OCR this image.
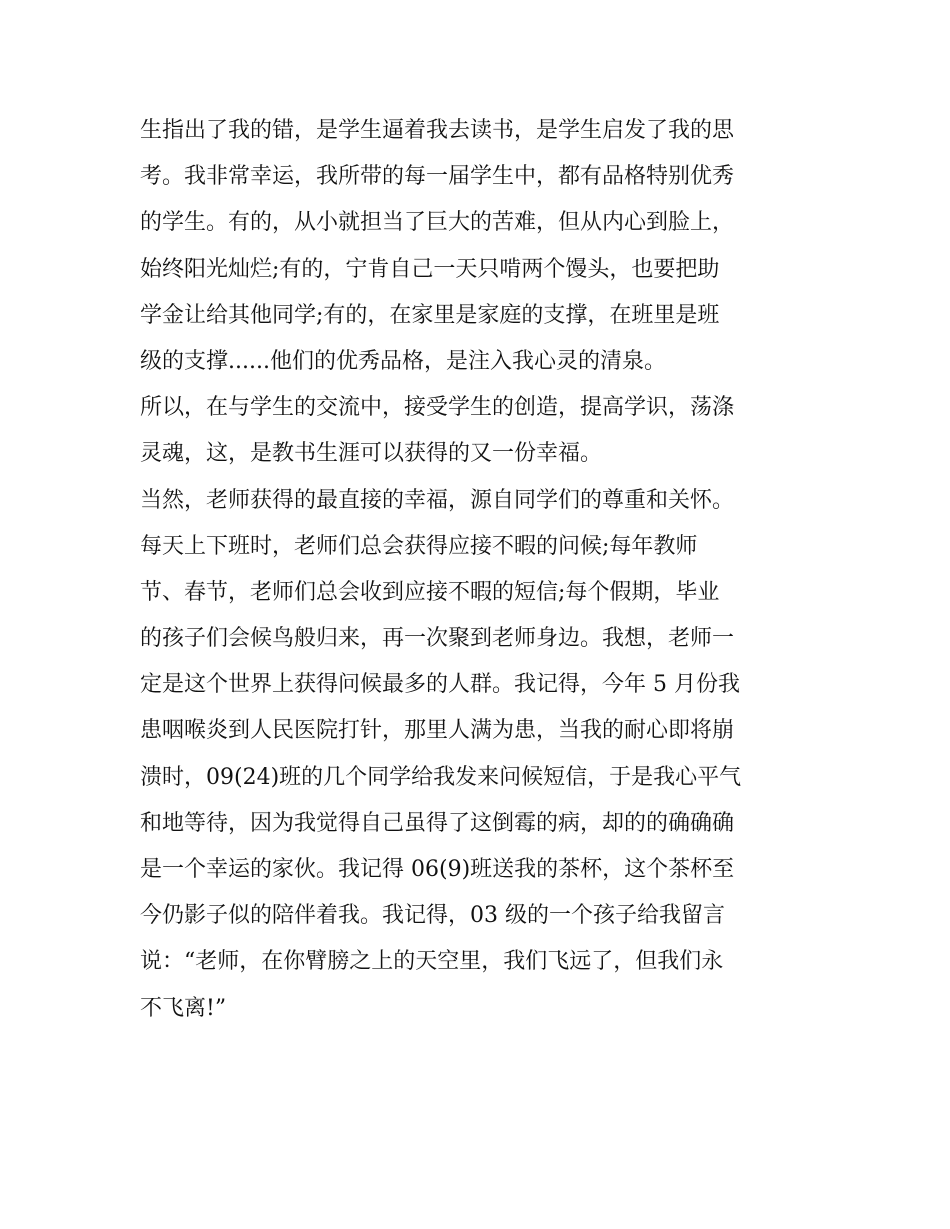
生指出了我的错，是学生逼着我去读书，是学生启发了我的思
考。我非常幸运，我所带的每一届学生中，都有品格特别优秀
的学生。有的，从小就担当了巨大的苦难，但从内心到脸上，
始终阳光灿烂;有的，宁肯自己一天只啃两个馒头，也要把助
学金让给其他同学;有的，在家里是家庭的支撑，在班里是班
级的支撑......他们的优秀品格，是注入我心灵的清泉。
所以，在与学生的交流中，接受学生的创造，提高学识，荡涤
灵魂，这，是教书生涯可以获得的又一份幸福。
当然，老师获得的最直接的幸福，源自同学们的尊重和关怀。
每天上下班时，老师们总会获得应接不暇的问候;每年教师
节、春节，老师们总会收到应接不暇的短信;每个假期，毕业
的孩子们会候鸟般归来，再一次聚到老师身边。我想，老师一
定是这个世界上获得问候最多的人群。我记得，今年 5 月份我
患咽喉炎到人民医院打针，那里人满为患，当我的耐心即将崩
溃时，09(24)班的几个同学给我发来问候短信，于是我心平气
和地等待，因为我觉得自己虽得了这倒霉的病，却的的确确确
是一个幸运的家伙。我记得 06(9)班送我的茶杯，这个茶杯至
今仍影子似的陪伴着我。我记得，03 级的一个孩子给我留言
说：“老师，在你臂膀之上的天空里，我们飞远了，但我们永
不飞离!”
